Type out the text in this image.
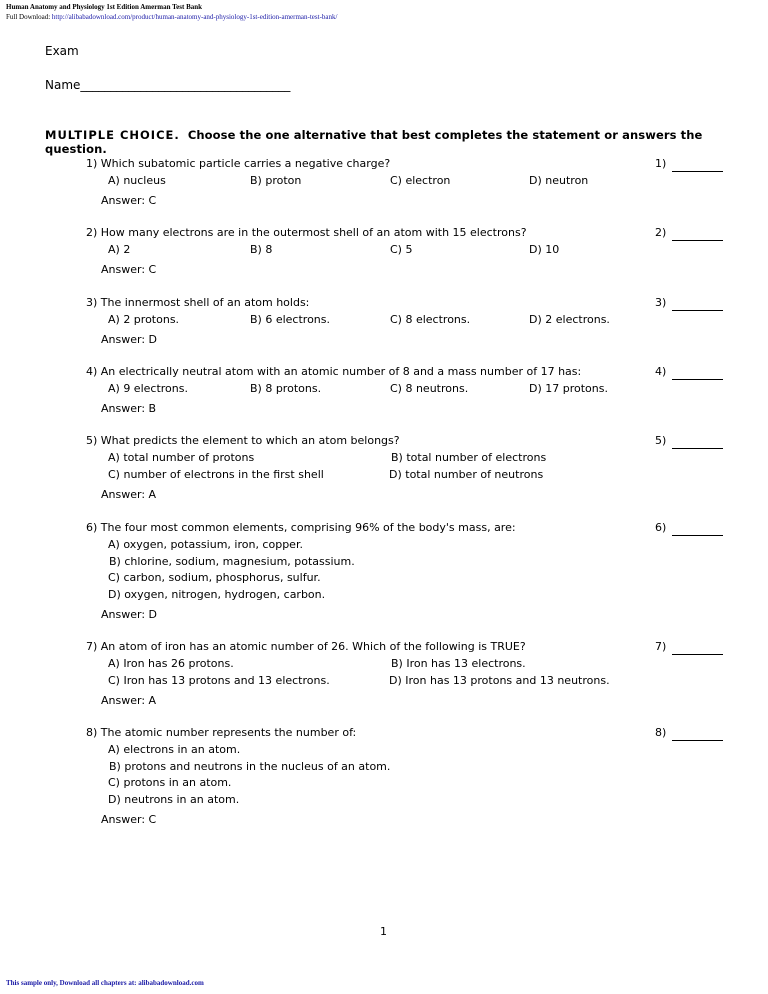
Human Anatomy and Physiology 1st Edition Amerman Test Bank
Full Download: http://alibabadownload.com/product/human-anatomy-and-physiology-1st-edition-amerman-test-bank/
Exam
Name___________________________________
MULTIPLE CHOICE. Choose the one alternative that best completes the statement or answers the question.
1) Which subatomic particle carries a negative charge?	1)
A) nucleus	B) proton	C) electron	D) neutron
Answer: C
2) How many electrons are in the outermost shell of an atom with 15 electrons?	2)
A) 2	B) 8	C) 5	D) 10
Answer: C
3) The innermost shell of an atom holds:	3)
A) 2 protons.	B) 6 electrons.	C) 8 electrons.	D) 2 electrons.
Answer: D
4) An electrically neutral atom with an atomic number of 8 and a mass number of 17 has:	4)
A) 9 electrons.	B) 8 protons.	C) 8 neutrons.	D) 17 protons.
Answer: B
5) What predicts the element to which an atom belongs?	5)
A) total number of protons	B) total number of electrons
C) number of electrons in the first shell	D) total number of neutrons
Answer: A
6) The four most common elements, comprising 96% of the body's mass, are:	6)
A) oxygen, potassium, iron, copper.
B) chlorine, sodium, magnesium, potassium.
C) carbon, sodium, phosphorus, sulfur.
D) oxygen, nitrogen, hydrogen, carbon.
Answer: D
7) An atom of iron has an atomic number of 26. Which of the following is TRUE?	7)
A) Iron has 26 protons.	B) Iron has 13 electrons.
C) Iron has 13 protons and 13 electrons.	D) Iron has 13 protons and 13 neutrons.
Answer: A
8) The atomic number represents the number of:	8)
A) electrons in an atom.
B) protons and neutrons in the nucleus of an atom.
C) protons in an atom.
D) neutrons in an atom.
Answer: C
1
This sample only, Download all chapters at: alibabadownload.com
